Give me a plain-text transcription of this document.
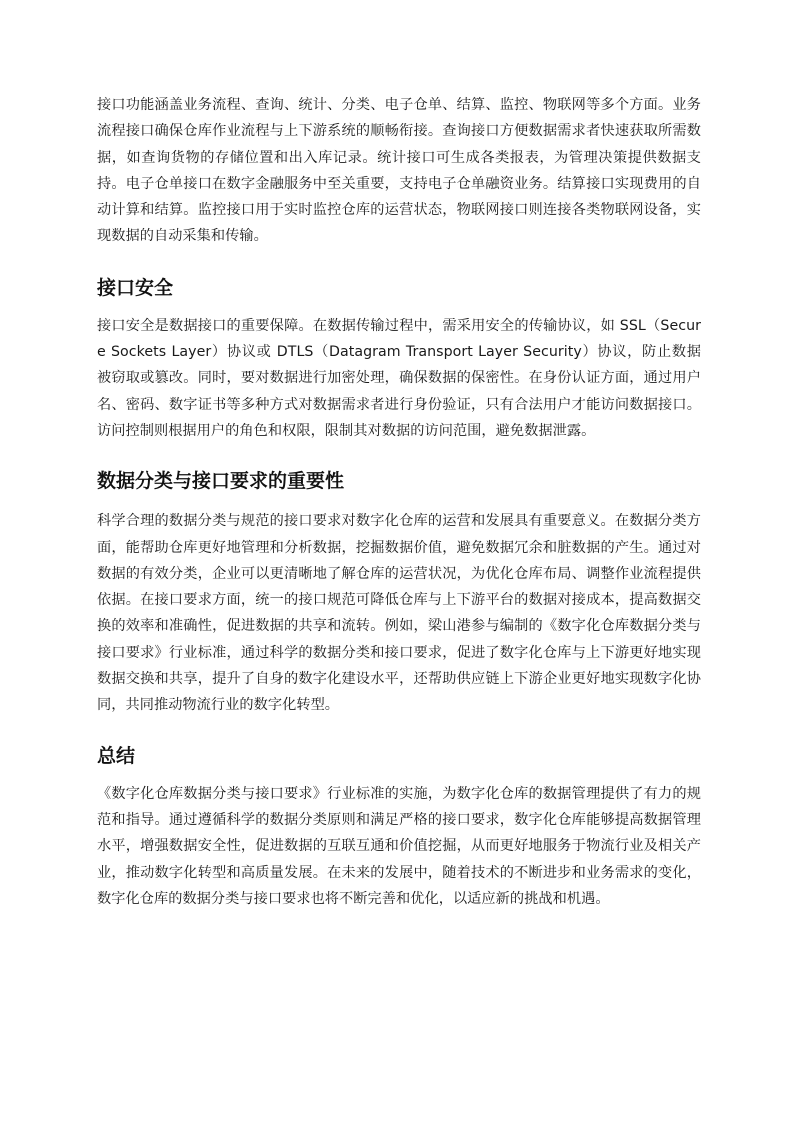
接口功能涵盖业务流程、查询、统计、分类、电子仓单、结算、监控、物联网等多个方面。业务流程接口确保仓库作业流程与上下游系统的顺畅衔接。查询接口方便数据需求者快速获取所需数据，如查询货物的存储位置和出入库记录。统计接口可生成各类报表，为管理决策提供数据支持。电子仓单接口在数字金融服务中至关重要，支持电子仓单融资业务。结算接口实现费用的自动计算和结算。监控接口用于实时监控仓库的运营状态，物联网接口则连接各类物联网设备，实现数据的自动采集和传输。

接口安全

接口安全是数据接口的重要保障。在数据传输过程中，需采用安全的传输协议，如 SSL（Secure Sockets Layer）协议或 DTLS（Datagram Transport Layer Security）协议，防止数据被窃取或篡改。同时，要对数据进行加密处理，确保数据的保密性。在身份认证方面，通过用户名、密码、数字证书等多种方式对数据需求者进行身份验证，只有合法用户才能访问数据接口。访问控制则根据用户的角色和权限，限制其对数据的访问范围，避免数据泄露。

数据分类与接口要求的重要性

科学合理的数据分类与规范的接口要求对数字化仓库的运营和发展具有重要意义。在数据分类方面，能帮助仓库更好地管理和分析数据，挖掘数据价值，避免数据冗余和脏数据的产生。通过对数据的有效分类，企业可以更清晰地了解仓库的运营状况，为优化仓库布局、调整作业流程提供依据。在接口要求方面，统一的接口规范可降低仓库与上下游平台的数据对接成本，提高数据交换的效率和准确性，促进数据的共享和流转。例如，梁山港参与编制的《数字化仓库数据分类与接口要求》行业标准，通过科学的数据分类和接口要求，促进了数字化仓库与上下游更好地实现数据交换和共享，提升了自身的数字化建设水平，还帮助供应链上下游企业更好地实现数字化协同，共同推动物流行业的数字化转型。

总结

《数字化仓库数据分类与接口要求》行业标准的实施，为数字化仓库的数据管理提供了有力的规范和指导。通过遵循科学的数据分类原则和满足严格的接口要求，数字化仓库能够提高数据管理水平，增强数据安全性，促进数据的互联互通和价值挖掘，从而更好地服务于物流行业及相关产业，推动数字化转型和高质量发展。在未来的发展中，随着技术的不断进步和业务需求的变化，数字化仓库的数据分类与接口要求也将不断完善和优化，以适应新的挑战和机遇。
